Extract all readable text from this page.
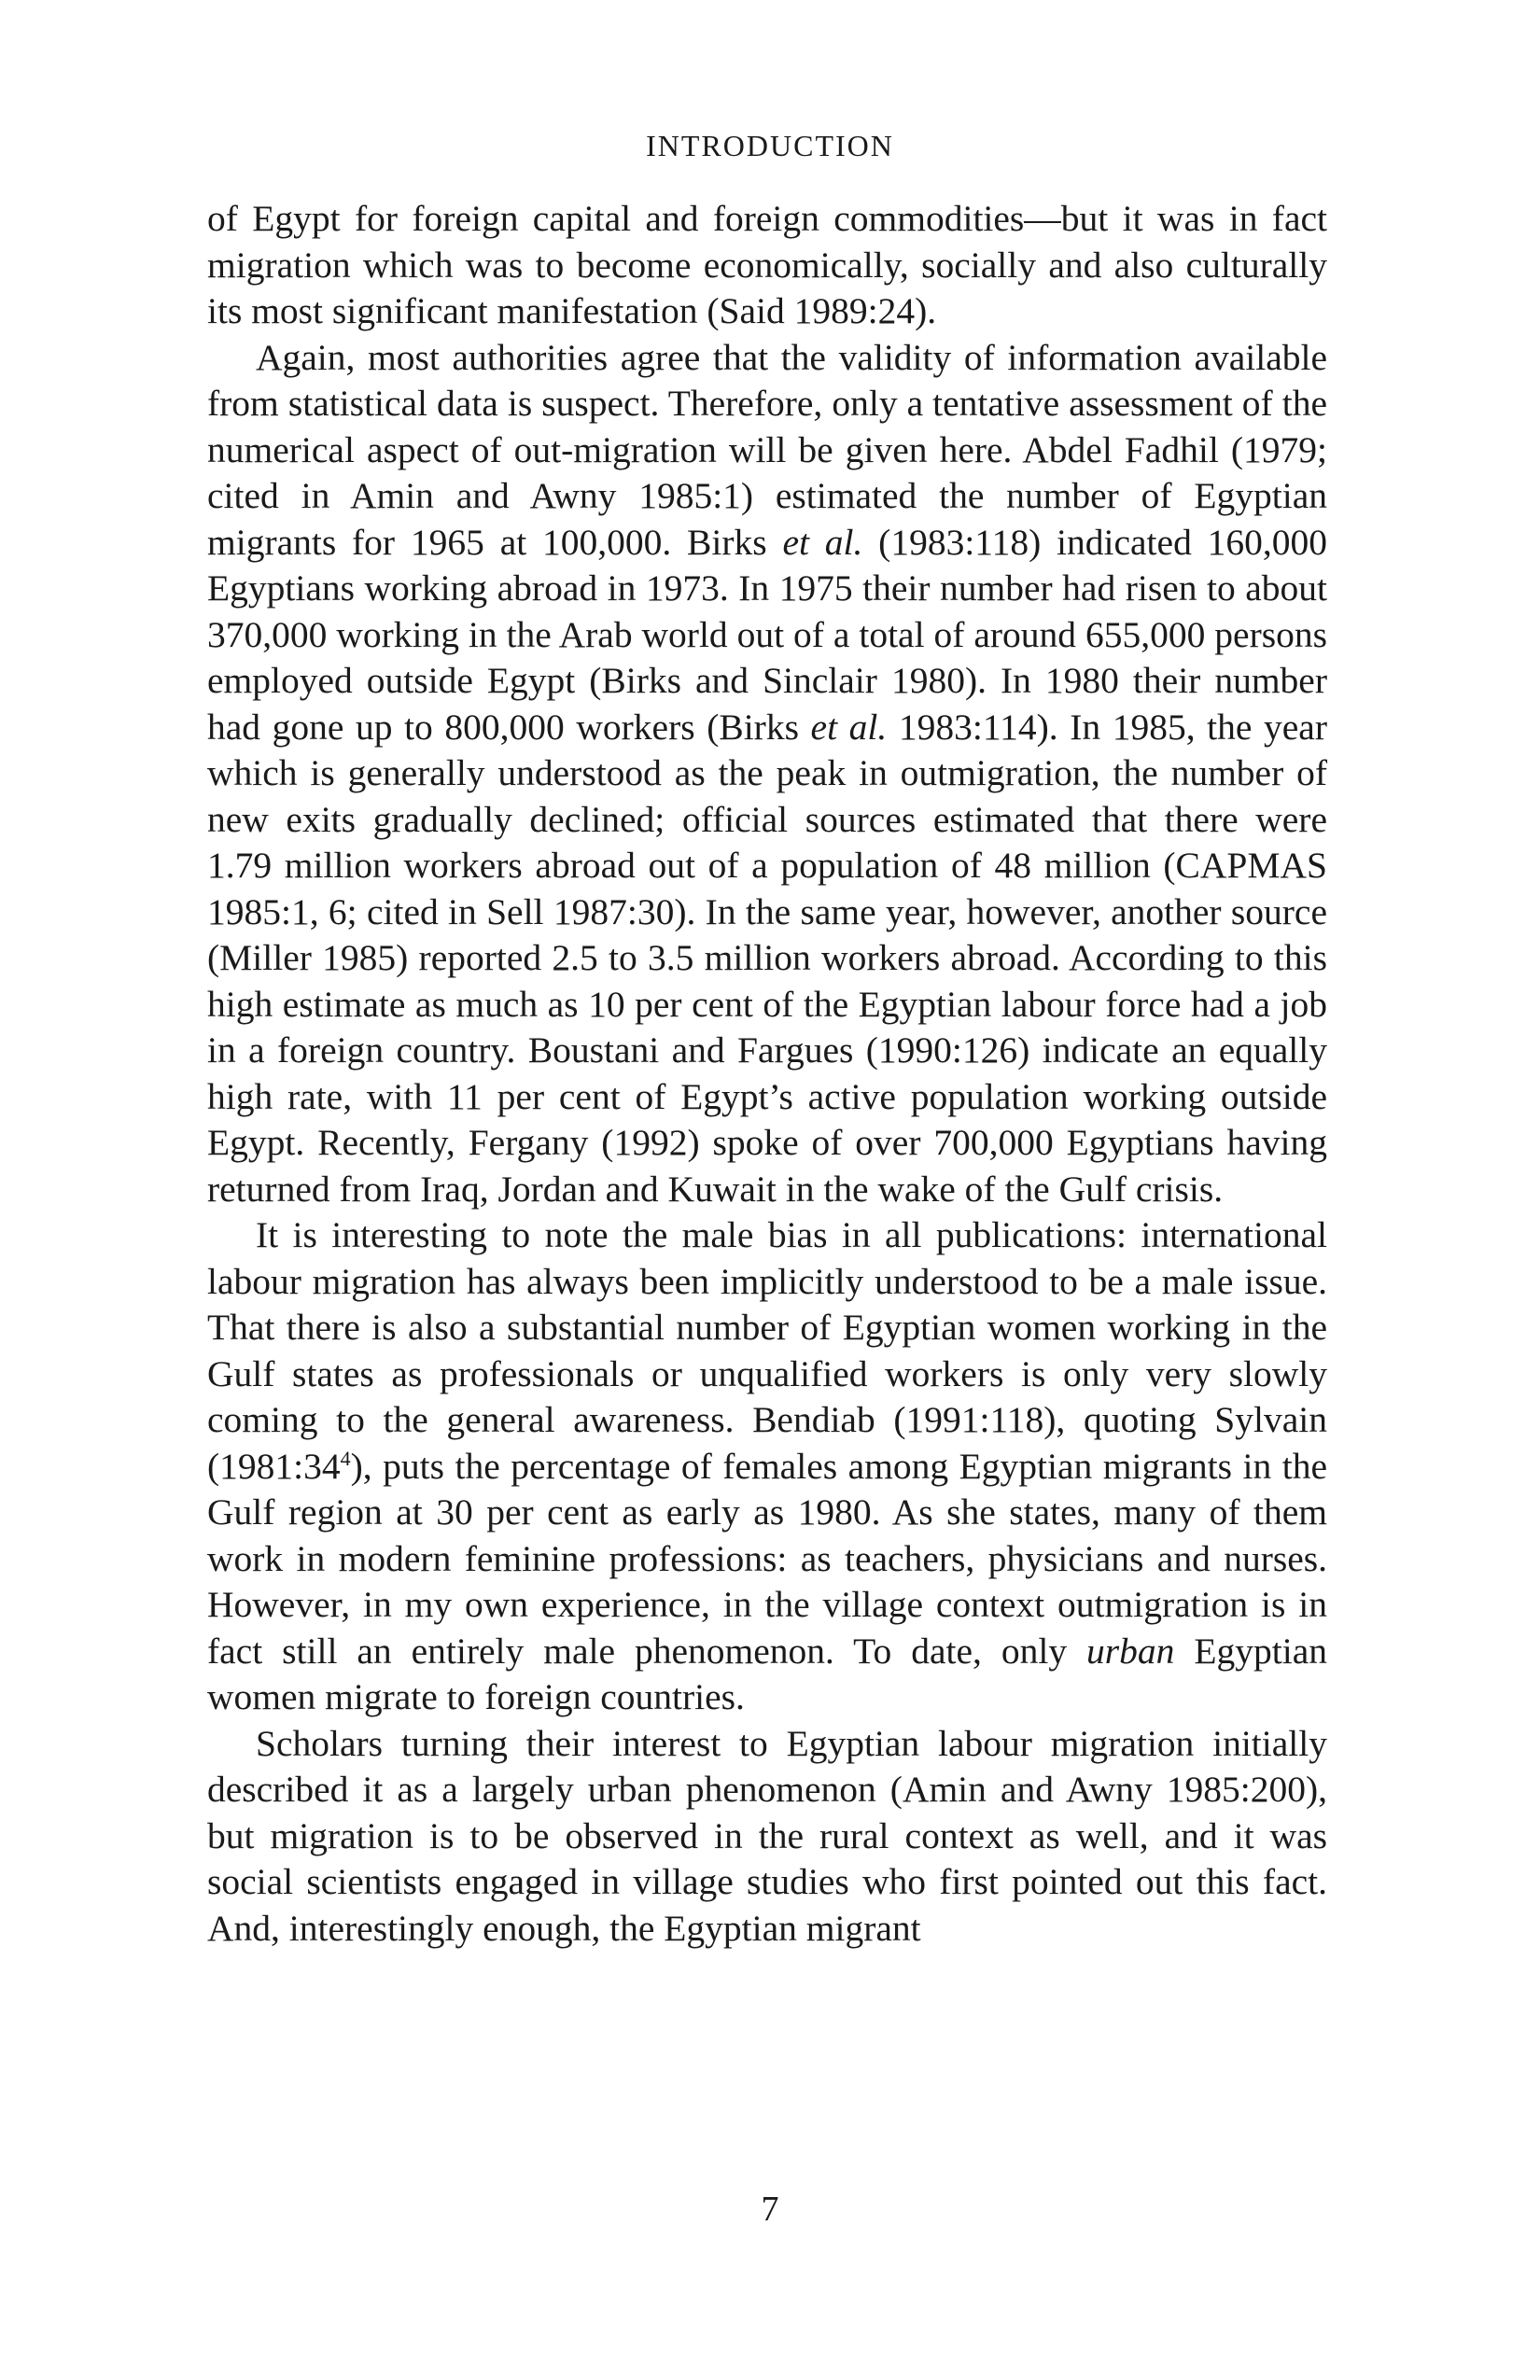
INTRODUCTION

of Egypt for foreign capital and foreign commodities—but it was in fact migration which was to become economically, socially and also culturally its most significant manifestation (Said 1989:24).

Again, most authorities agree that the validity of information available from statistical data is suspect. Therefore, only a tentative assessment of the numerical aspect of out-migration will be given here. Abdel Fadhil (1979; cited in Amin and Awny 1985:1) estimated the number of Egyptian migrants for 1965 at 100,000. Birks et al. (1983:118) indicated 160,000 Egyptians working abroad in 1973. In 1975 their number had risen to about 370,000 working in the Arab world out of a total of around 655,000 persons employed outside Egypt (Birks and Sinclair 1980). In 1980 their number had gone up to 800,000 workers (Birks et al. 1983:114). In 1985, the year which is generally understood as the peak in outmigration, the number of new exits gradually declined; official sources estimated that there were 1.79 million workers abroad out of a population of 48 million (CAPMAS 1985:1, 6; cited in Sell 1987:30). In the same year, however, another source (Miller 1985) reported 2.5 to 3.5 million workers abroad. According to this high estimate as much as 10 per cent of the Egyptian labour force had a job in a foreign country. Boustani and Fargues (1990:126) indicate an equally high rate, with 11 per cent of Egypt’s active population working outside Egypt. Recently, Fergany (1992) spoke of over 700,000 Egyptians having returned from Iraq, Jordan and Kuwait in the wake of the Gulf crisis.

It is interesting to note the male bias in all publications: international labour migration has always been implicitly understood to be a male issue. That there is also a substantial number of Egyptian women working in the Gulf states as professionals or unqualified workers is only very slowly coming to the general awareness. Bendiab (1991:118), quoting Sylvain $(1981:34^4)$, puts the percentage of females among Egyptian migrants in the Gulf region at 30 per cent as early as 1980. As she states, many of them work in modern feminine professions: as teachers, physicians and nurses. However, in my own experience, in the village context outmigration is in fact still an entirely male phenomenon. To date, only urban Egyptian women migrate to foreign countries.

Scholars turning their interest to Egyptian labour migration initially described it as a largely urban phenomenon (Amin and Awny 1985:200), but migration is to be observed in the rural context as well, and it was social scientists engaged in village studies who first pointed out this fact. And, interestingly enough, the Egyptian migrant

7
